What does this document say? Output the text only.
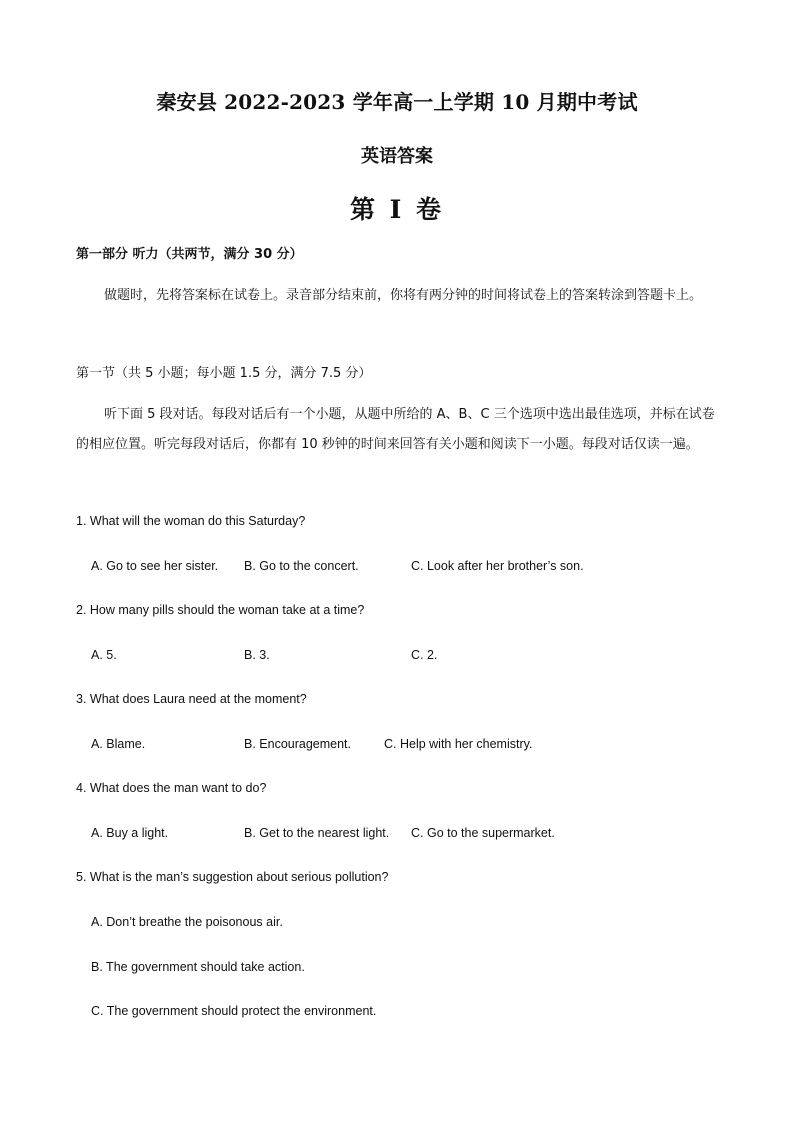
秦安县 2022-2023 学年高一上学期 10 月期中考试
英语答案
第 I 卷
第一部分 听力（共两节，满分 30 分）
做题时，先将答案标在试卷上。录音部分结束前，你将有两分钟的时间将试卷上的答案转涂到答题卡上。
第一节（共 5 小题；每小题 1.5 分，满分 7.5 分）
听下面 5 段对话。每段对话后有一个小题，从题中所给的 A、B、C 三个选项中选出最佳选项，并标在试卷的相应位置。听完每段对话后，你都有 10 秒钟的时间来回答有关小题和阅读下一小题。每段对话仅读一遍。
1. What will the woman do this Saturday?
A. Go to see her sister. B. Go to the concert.	C. Look after her brother’s son.
2. How many pills should the woman take at a time?
A. 5.	B. 3.	C. 2.
3. What does Laura need at the moment?
A. Blame.	B. Encouragement.	C. Help with her chemistry.
4. What does the man want to do?
A. Buy a light.	B. Get to the nearest light. C. Go to the supermarket.
5. What is the man’s suggestion about serious pollution?
A. Don’t breathe the poisonous air.
B. The government should take action.
C. The government should protect the environment.
